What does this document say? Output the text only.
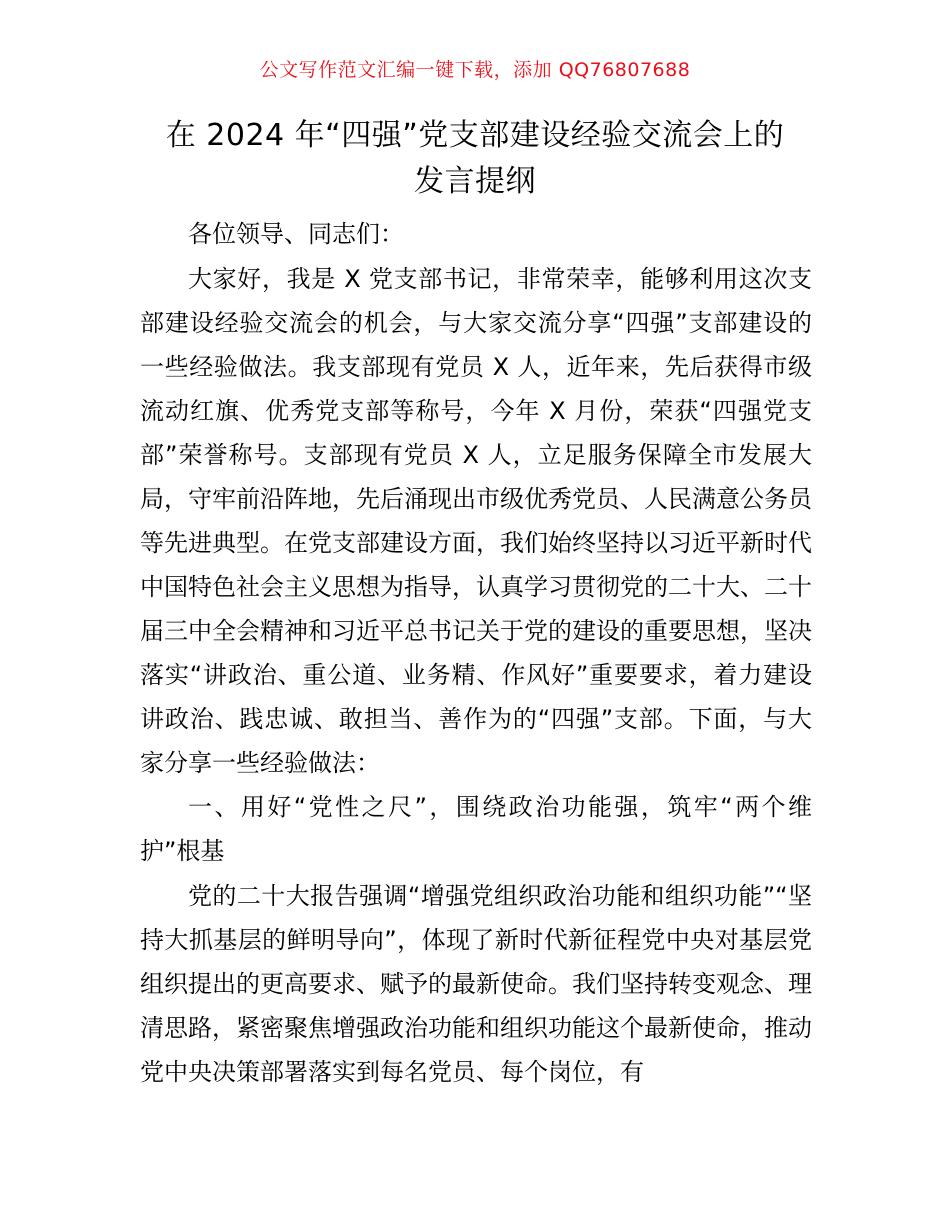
公文写作范文汇编一键下载，添加 QQ76807688
在 2024 年“四强”党支部建设经验交流会上的
发言提纲

各位领导、同志们：

大家好，我是 X 党支部书记，非常荣幸，能够利用这次支部建设经验交流会的机会，与大家交流分享“四强”支部建设的一些经验做法。我支部现有党员 X 人，近年来，先后获得市级流动红旗、优秀党支部等称号，今年 X 月份，荣获“四强党支部”荣誉称号。支部现有党员 X 人，立足服务保障全市发展大局，守牢前沿阵地，先后涌现出市级优秀党员、人民满意公务员等先进典型。在党支部建设方面，我们始终坚持以习近平新时代中国特色社会主义思想为指导，认真学习贯彻党的二十大、二十届三中全会精神和习近平总书记关于党的建设的重要思想，坚决落实“讲政治、重公道、业务精、作风好”重要要求，着力建设讲政治、践忠诚、敢担当、善作为的“四强”支部。下面，与大家分享一些经验做法：

一、用好“党性之尺”，围绕政治功能强，筑牢“两个维护”根基

党的二十大报告强调“增强党组织政治功能和组织功能”“坚持大抓基层的鲜明导向”，体现了新时代新征程党中央对基层党组织提出的更高要求、赋予的最新使命。我们坚持转变观念、理清思路，紧密聚焦增强政治功能和组织功能这个最新使命，推动党中央决策部署落实到每名党员、每个岗位，有
